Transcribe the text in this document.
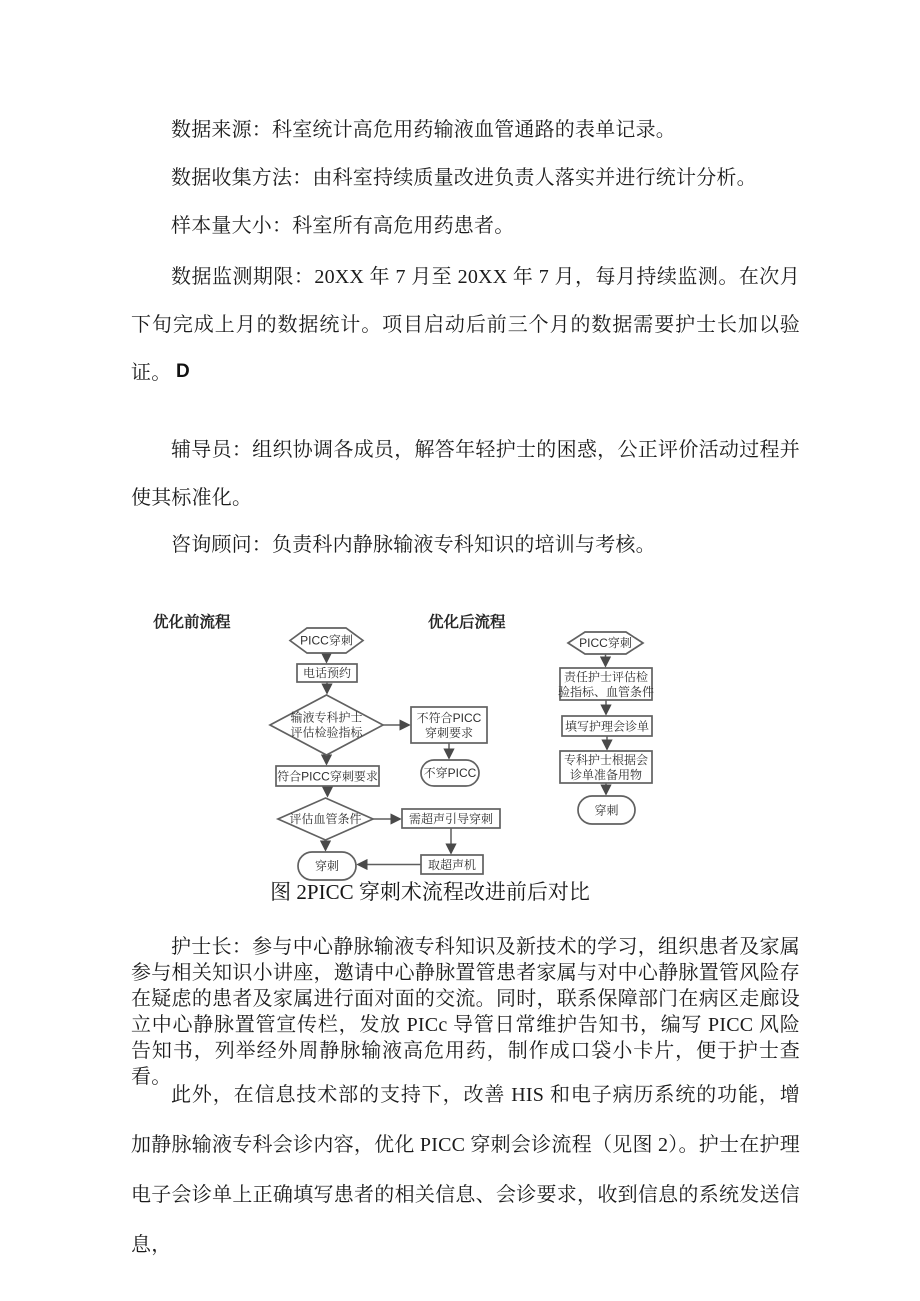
数据来源：科室统计高危用药输液血管通路的表单记录。

数据收集方法：由科室持续质量改进负责人落实并进行统计分析。

样本量大小：科室所有高危用药患者。

数据监测期限：20XX 年 7 月至 20XX 年 7 月，每月持续监测。在次月下旬完成上月的数据统计。项目启动后前三个月的数据需要护士长加以验证。 D

辅导员：组织协调各成员，解答年轻护士的困惑，公正评价活动过程并使其标准化。

咨询顾问：负责科内静脉输液专科知识的培训与考核。

优化前流程	优化后流程
PICC穿刺
电话预约
输液专科护士
评估检验指标
不符合PICC
穿刺要求
不穿PICC
符合PICC穿刺要求
评估血管条件	需超声引导穿刺
取超声机
穿刺
PICC穿刺
责任护士评估检
验指标、血管条件
填写护理会诊单
专科护士根据会
诊单准备用物
穿刺

图 2PICC 穿刺术流程改进前后对比

护士长：参与中心静脉输液专科知识及新技术的学习，组织患者及家属参与相关知识小讲座，邀请中心静脉置管患者家属与对中心静脉置管风险存在疑虑的患者及家属进行面对面的交流。同时，联系保障部门在病区走廊设立中心静脉置管宣传栏，发放 PICc 导管日常维护告知书，编写 PICC 风险告知书，列举经外周静脉输液高危用药，制作成口袋小卡片，便于护士查看。

此外，在信息技术部的支持下，改善 HIS 和电子病历系统的功能，增加静脉输液专科会诊内容，优化 PICC 穿刺会诊流程（见图 2）。护士在护理电子会诊单上正确填写患者的相关信息、会诊要求，收到信息的系统发送信息，
